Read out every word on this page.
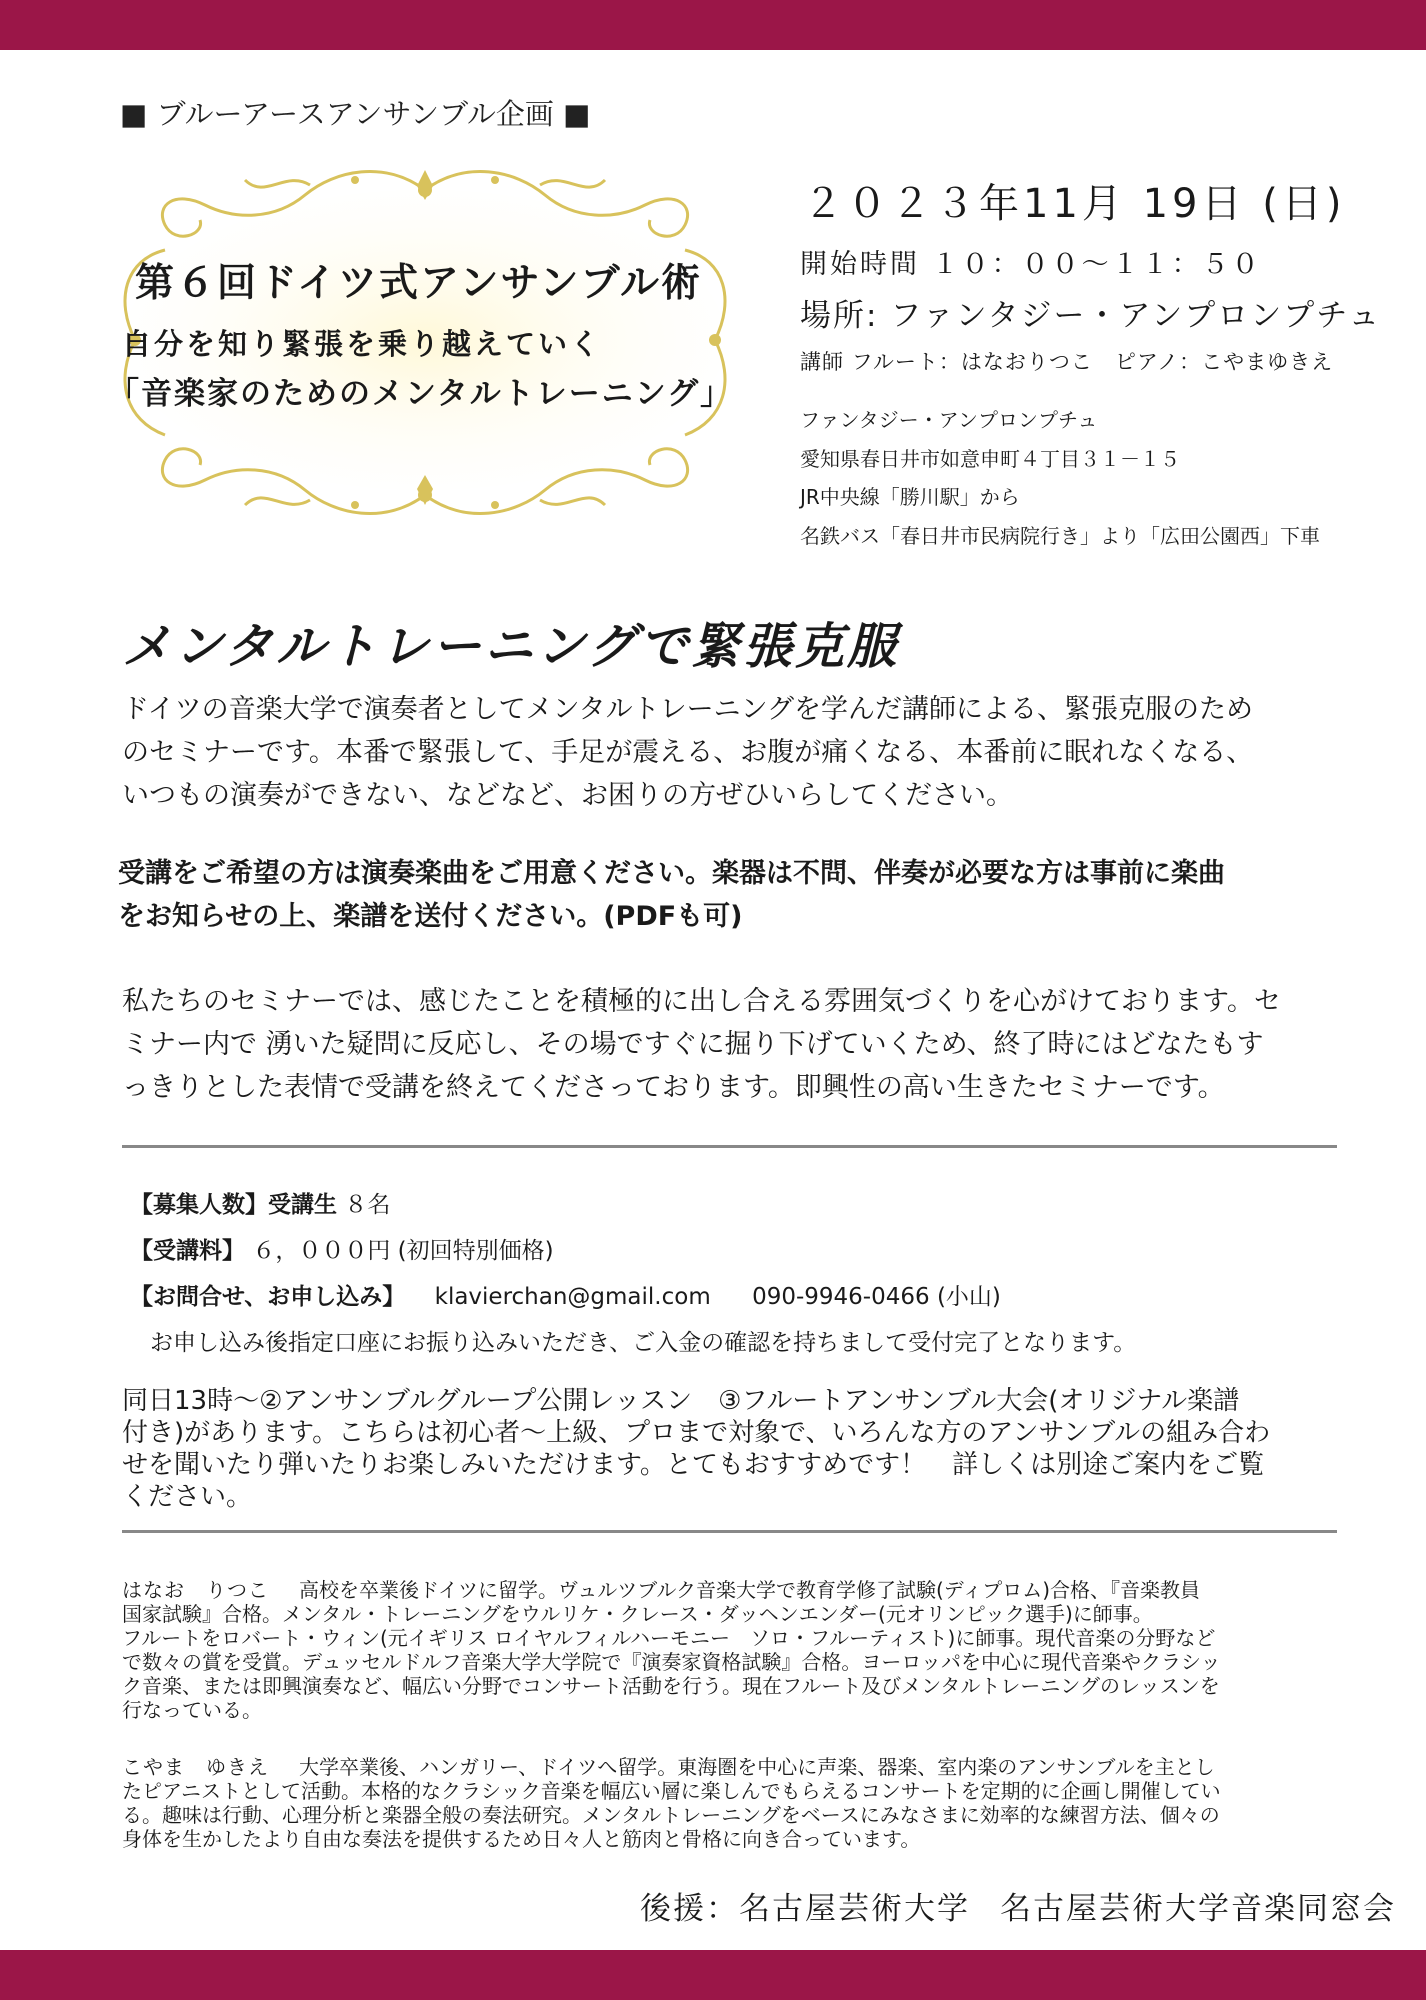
■ ブルーアースアンサンブル企画 ■
第６回ドイツ式アンサンブル術
自分を知り緊張を乗り越えていく
「音楽家のためのメンタルトレーニング」
２０２３年11月 19日 (日)
開始時間 １０：００〜１１：５０
場所: ファンタジー・アンプロンプチュ
講師 フルート：はなおりつこ　ピアノ：こやまゆきえ
ファンタジー・アンプロンプチュ
愛知県春日井市如意申町４丁目３１－１５
JR中央線「勝川駅」から
名鉄バス「春日井市民病院行き」より「広田公園西」下車
メンタルトレーニングで緊張克服
ドイツの音楽大学で演奏者としてメンタルトレーニングを学んだ講師による、緊張克服のため
のセミナーです。本番で緊張して、手足が震える、お腹が痛くなる、本番前に眠れなくなる、
いつもの演奏ができない、などなど、お困りの方ぜひいらしてください。
受講をご希望の方は演奏楽曲をご用意ください。楽器は不問、伴奏が必要な方は事前に楽曲
をお知らせの上、楽譜を送付ください。(PDFも可)
私たちのセミナーでは、感じたことを積極的に出し合える雰囲気づくりを心がけております。セ
ミナー内で 湧いた疑問に反応し、その場ですぐに掘り下げていくため、終了時にはどなたもす
っきりとした表情で受講を終えてくださっております。即興性の高い生きたセミナーです。
【募集人数】受講生 ８名
【受講料】 ６，０００円 (初回特別価格)
【お問合せ、お申し込み】 klavierchan@gmail.com 090-9946-0466 (小山)
お申し込み後指定口座にお振り込みいただき、ご入金の確認を持ちまして受付完了となります。
同日13時〜②アンサンブルグループ公開レッスン　③フルートアンサンブル大会(オリジナル楽譜
付き)があります。こちらは初心者〜上級、プロまで対象で、いろんな方のアンサンブルの組み合わ
せを聞いたり弾いたりお楽しみいただけます。とてもおすすめです！　詳しくは別途ご案内をご覧
ください。
はなお　りつこ 高校を卒業後ドイツに留学。ヴュルツブルク音楽大学で教育学修了試験(ディプロム)合格、『音楽教員
国家試験』合格。メンタル・トレーニングをウルリケ・クレース・ダッヘンエンダー(元オリンピック選手)に師事。
フルートをロバート・ウィン(元イギリス ロイヤルフィルハーモニー　ソロ・フルーティスト)に師事。現代音楽の分野など
で数々の賞を受賞。デュッセルドルフ音楽大学大学院で『演奏家資格試験』合格。ヨーロッパを中心に現代音楽やクラシッ
ク音楽、または即興演奏など、幅広い分野でコンサート活動を行う。現在フルート及びメンタルトレーニングのレッスンを
行なっている。
こやま　ゆきえ 大学卒業後、ハンガリー、ドイツへ留学。東海圏を中心に声楽、器楽、室内楽のアンサンブルを主とし
たピアニストとして活動。本格的なクラシック音楽を幅広い層に楽しんでもらえるコンサートを定期的に企画し開催してい
る。趣味は行動、心理分析と楽器全般の奏法研究。メンタルトレーニングをベースにみなさまに効率的な練習方法、個々の
身体を生かしたより自由な奏法を提供するため日々人と筋肉と骨格に向き合っています。
後援：名古屋芸術大学 名古屋芸術大学音楽同窓会
